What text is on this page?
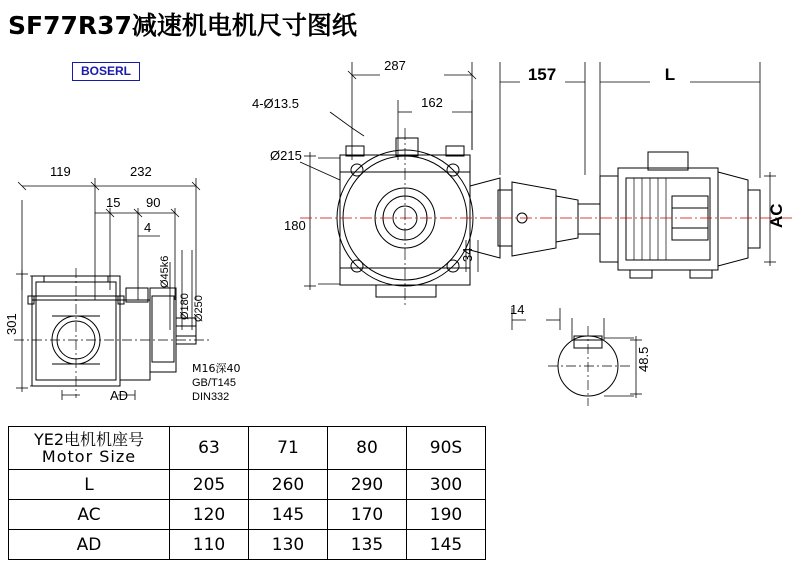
SF77R37减速机电机尺寸图纸
BOSERL
119	232
15 90
4
301
AD
Ø45k6
Ø180 Ø250
M16深40
GB/T145
DIN332
287
162
157	L
4-Ø13.5
Ø215
180
34
AC
14
48.5
YE2电机机座号
Motor Size	63	71	80	90S
L	205	260	290	300
AC	120	145	170	190
AD	110	130	135	145
